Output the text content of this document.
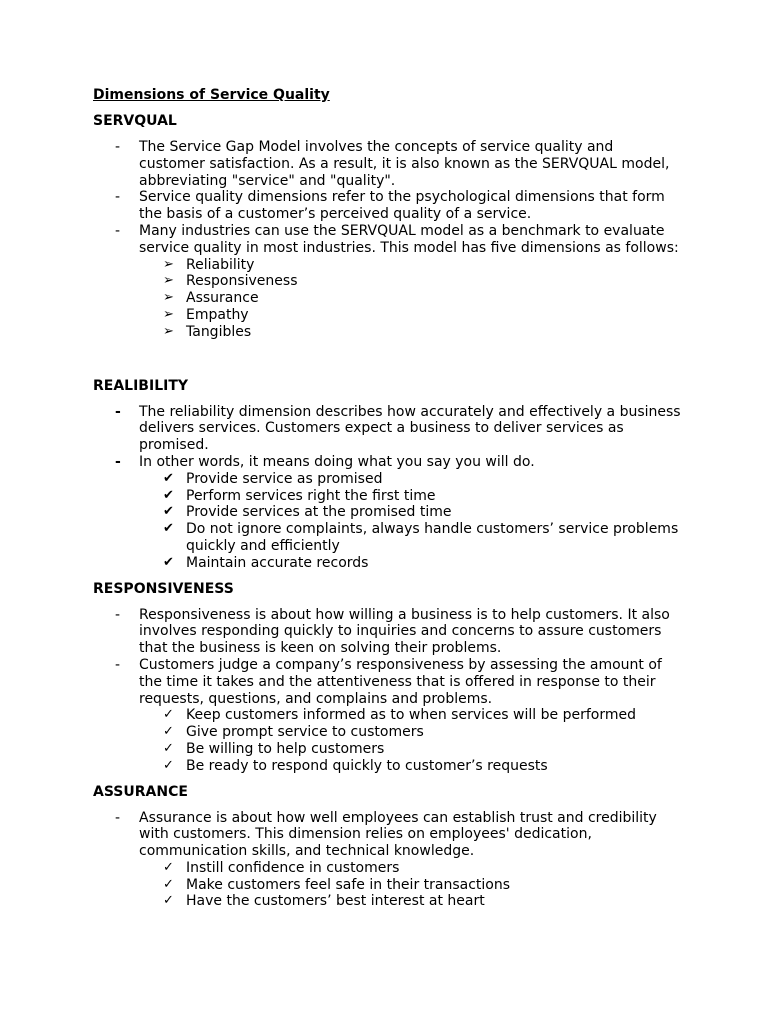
Dimensions of Service Quality

SERVQUAL

- The Service Gap Model involves the concepts of service quality and customer satisfaction. As a result, it is also known as the SERVQUAL model, abbreviating "service" and "quality".
- Service quality dimensions refer to the psychological dimensions that form the basis of a customer’s perceived quality of a service.
- Many industries can use the SERVQUAL model as a benchmark to evaluate service quality in most industries. This model has five dimensions as follows:
➢ Reliability
➢ Responsiveness
➢ Assurance
➢ Empathy
➢ Tangibles

REALIBILITY

- The reliability dimension describes how accurately and effectively a business delivers services. Customers expect a business to deliver services as promised.
- In other words, it means doing what you say you will do.
✔ Provide service as promised
✔ Perform services right the first time
✔ Provide services at the promised time
✔ Do not ignore complaints, always handle customers’ service problems quickly and efficiently
✔ Maintain accurate records

RESPONSIVENESS

- Responsiveness is about how willing a business is to help customers. It also involves responding quickly to inquiries and concerns to assure customers that the business is keen on solving their problems.
- Customers judge a company’s responsiveness by assessing the amount of the time it takes and the attentiveness that is offered in response to their requests, questions, and complains and problems.
✓ Keep customers informed as to when services will be performed
✓ Give prompt service to customers
✓ Be willing to help customers
✓ Be ready to respond quickly to customer’s requests

ASSURANCE

- Assurance is about how well employees can establish trust and credibility with customers. This dimension relies on employees' dedication, communication skills, and technical knowledge.
✓ Instill confidence in customers
✓ Make customers feel safe in their transactions
✓ Have the customers’ best interest at heart
